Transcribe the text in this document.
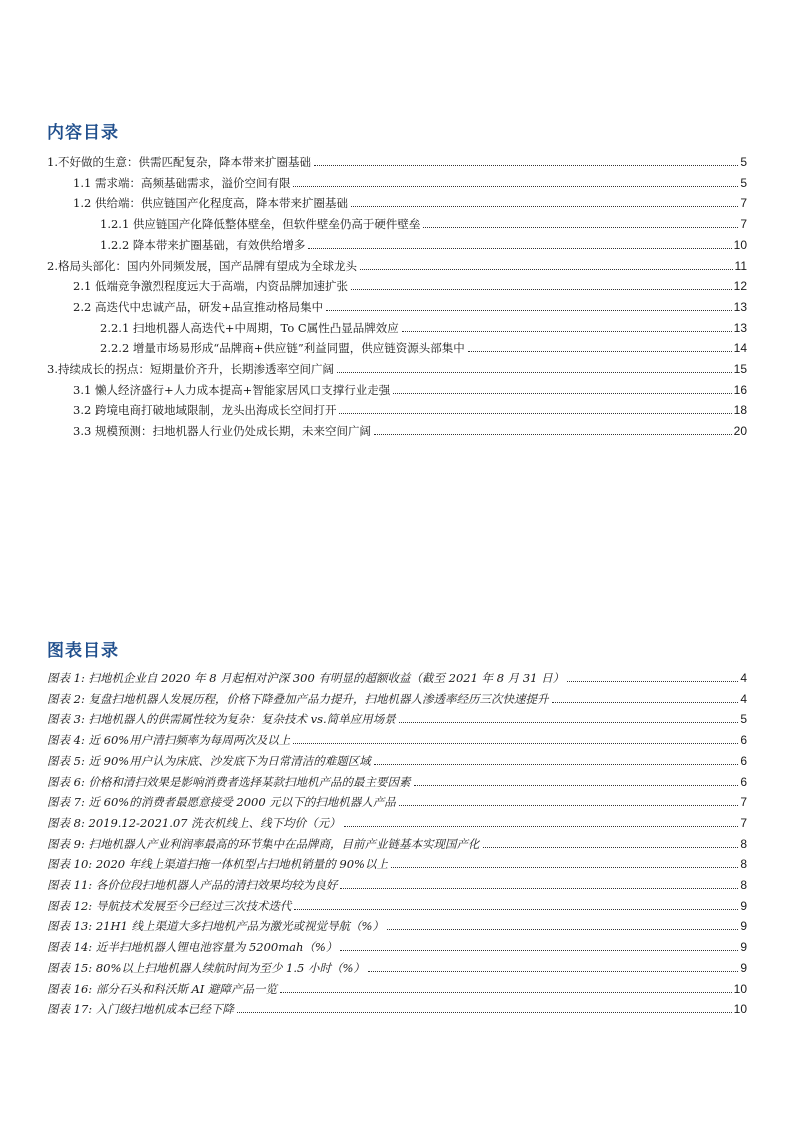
内容目录
图表目录
1.不好做的生意：供需匹配复杂，降本带来扩圈基础	5
1.1 需求端：高频基础需求，溢价空间有限	5
1.2 供给端：供应链国产化程度高，降本带来扩圈基础	7
1.2.1 供应链国产化降低整体壁垒，但软件壁垒仍高于硬件壁垒	7
1.2.2 降本带来扩圈基础，有效供给增多	10
2.格局头部化：国内外同频发展，国产品牌有望成为全球龙头	11
2.1 低端竞争激烈程度远大于高端，内资品牌加速扩张	12
2.2 高迭代中忠诚产品，研发+品宣推动格局集中	13
2.2.1 扫地机器人高迭代+中周期，To C属性凸显品牌效应	13
2.2.2 增量市场易形成“品牌商+供应链”利益同盟，供应链资源头部集中	14
3.持续成长的拐点：短期量价齐升，长期渗透率空间广阔	15
3.1 懒人经济盛行+人力成本提高+智能家居风口支撑行业走强	16
3.2 跨境电商打破地域限制，龙头出海成长空间打开	18
3.3 规模预测：扫地机器人行业仍处成长期，未来空间广阔	20
图表 1: 扫地机企业自 2020 年 8 月起相对沪深 300 有明显的超额收益（截至 2021 年 8 月 31 日）	4
图表 2: 复盘扫地机器人发展历程，价格下降叠加产品力提升，扫地机器人渗透率经历三次快速提升	4
图表 3: 扫地机器人的供需属性较为复杂：复杂技术 vs.简单应用场景	5
图表 4: 近 60%用户清扫频率为每周两次及以上	6
图表 5: 近 90%用户认为床底、沙发底下为日常清洁的难题区域	6
图表 6: 价格和清扫效果是影响消费者选择某款扫地机产品的最主要因素	6
图表 7: 近 60%的消费者最愿意接受 2000 元以下的扫地机器人产品	7
图表 8: 2019.12-2021.07 洗衣机线上、线下均价（元）	7
图表 9: 扫地机器人产业利润率最高的环节集中在品牌商，目前产业链基本实现国产化	8
图表 10: 2020 年线上渠道扫拖一体机型占扫地机销量的 90%以上	8
图表 11: 各价位段扫地机器人产品的清扫效果均较为良好	8
图表 12: 导航技术发展至今已经过三次技术迭代	9
图表 13: 21H1 线上渠道大多扫地机产品为激光或视觉导航（%）	9
图表 14: 近半扫地机器人锂电池容量为 5200mah（%）	9
图表 15: 80%以上扫地机器人续航时间为至少 1.5 小时（%）	9
图表 16: 部分石头和科沃斯 AI 避障产品一览	10
图表 17: 入门级扫地机成本已经下降	10
